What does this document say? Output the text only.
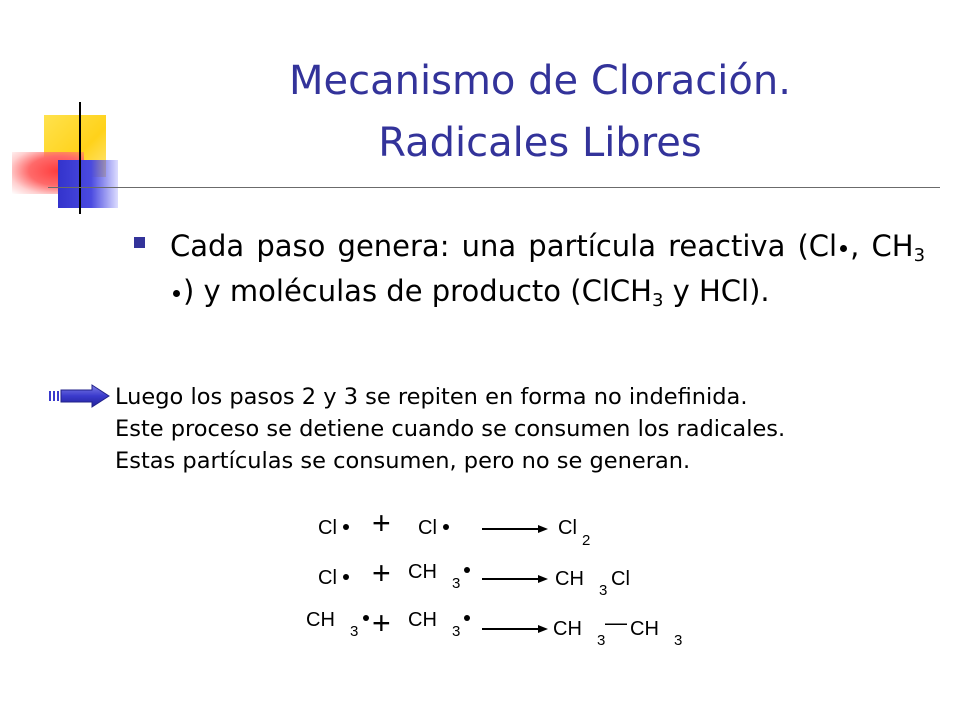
Mecanismo de Cloración.
Radicales Libres
Cada paso genera: una partícula reactiva (Cl , $CH_3$ ) y moléculas de producto (ClCH$_3$ y HCl).
Luego los pasos 2 y 3 se repiten en forma no indefinida.
Este proceso se detiene cuando se consumen los radicales.
Estas partículas se consumen, pero no se generan.
Cl + Cl	Cl
2
Cl + CH
3	CH
3
Cl
CH
3 + CH
3	CH
3
— CH
3
